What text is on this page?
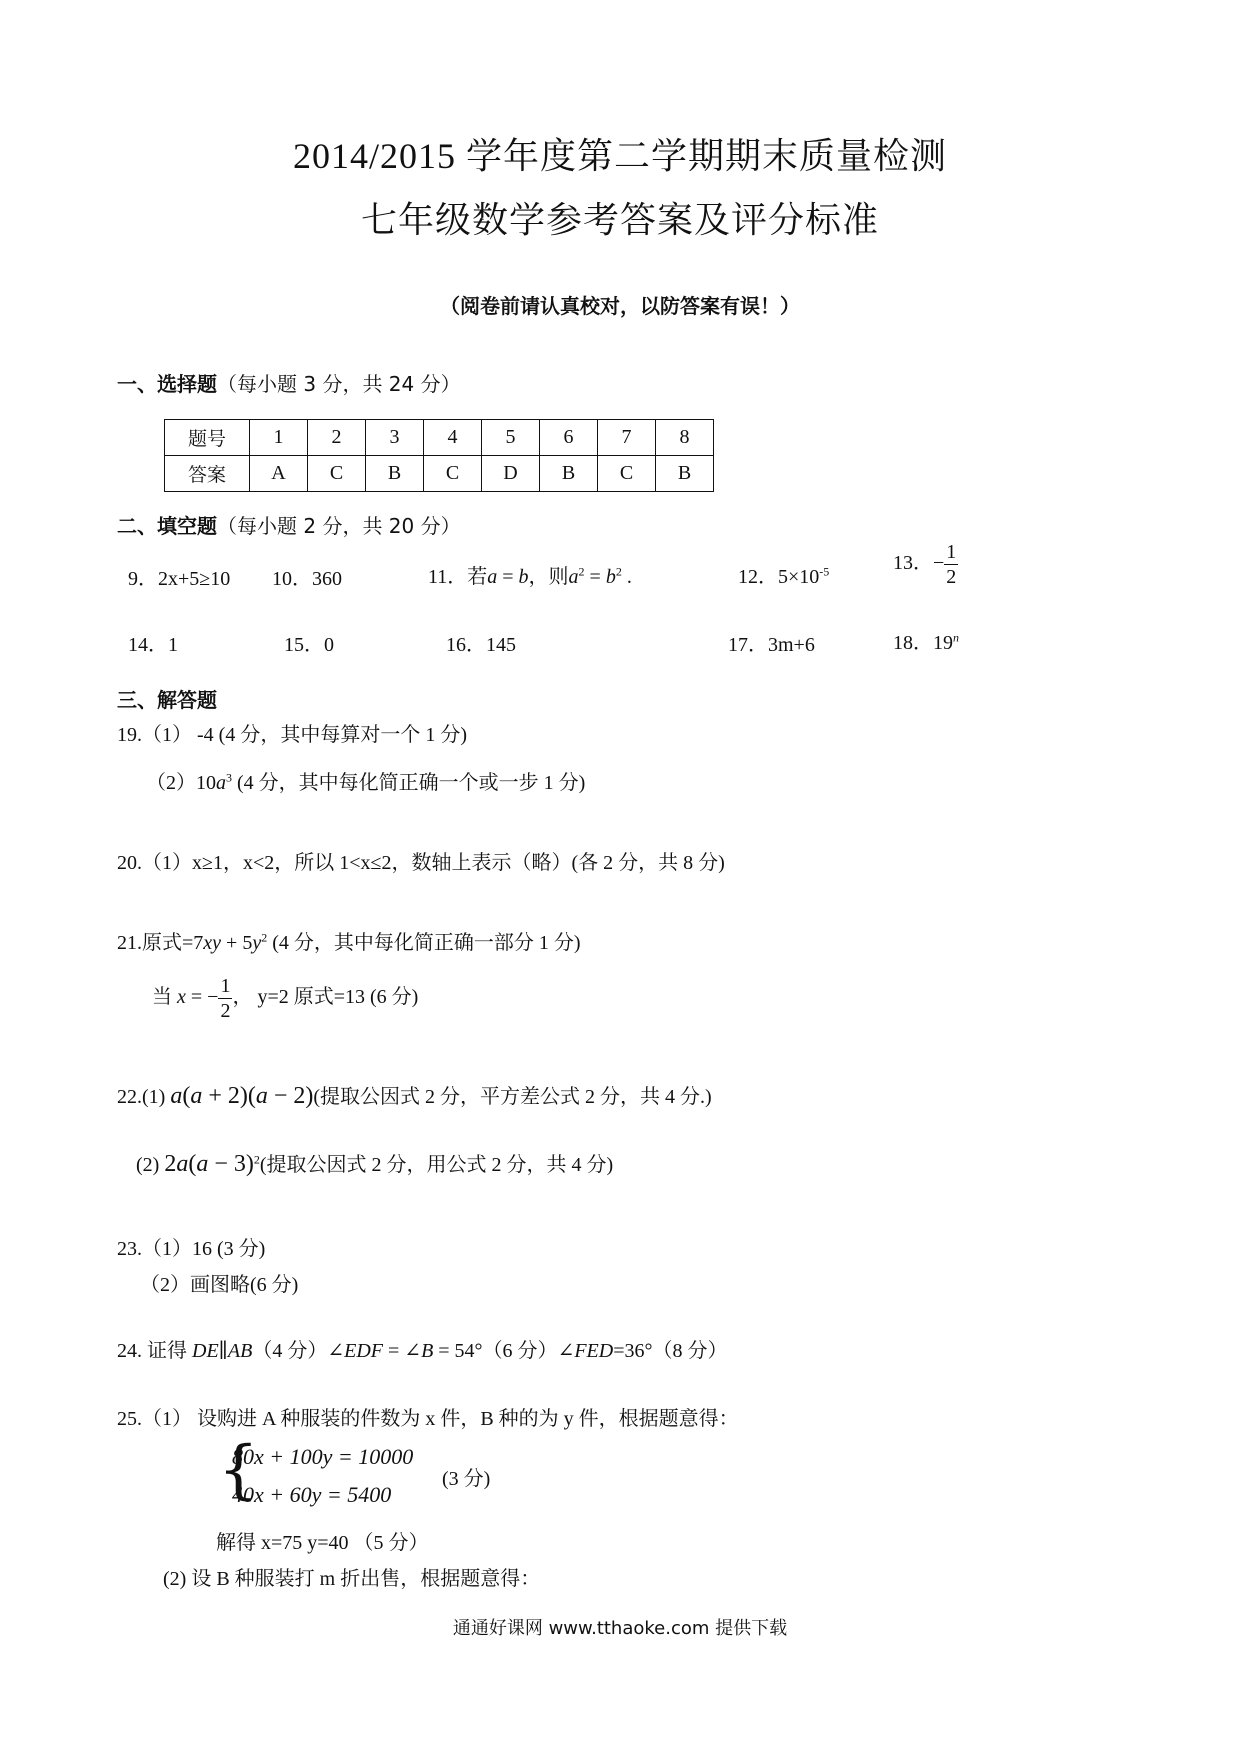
2014/2015 学年度第二学期期末质量检测
七年级数学参考答案及评分标准
（阅卷前请认真校对，以防答案有误！）
一、选择题（每小题 3 分，共 24 分）
题号	1	2	3	4	5	6	7	8
答案	A	C	B	C	D	B	C	B
二、填空题（每小题 2 分，共 20 分）
9．2x+5≥10 10．360	11．若a = b，则$a^2 = b^2$ .	12．$5\times 10^{-5}$	13．− $\frac{1}{2}$
14．1	15．0	16．145	17．3m+6	18．19$^n$
三、解答题
19.（1） -4 (4 分，其中每算对一个 1 分)
$(2)10a^3$ (4 分，其中每化简正确一个或一步 1 分)
20.（1）x≥1，x<2，所以 1<x≤2，数轴上表示（略）(各 2 分，共 8 分)
21.原式$=7xy + 5y^2$ (4 分，其中每化简正确一部分 1 分)
当 x = − $\frac{1}{2}$ ， y=2 原式=13 (6 分)
22.(1) a(a + 2)(a − 2)(提取公因式 2 分，平方差公式 2 分，共 4 分.)
(2) $2a(a - 3)^2$(提取公因式 2 分，用公式 2 分，共 4 分)
23.（1）16 (3 分)
（2）画图略(6 分)
24. 证得 DE∥AB（4 分）∠EDF = ∠B = 54°（6 分）∠FED=36°（8 分）
25.（1） 设购进 A 种服装的件数为 x 件，B 种的为 y 件，根据题意得：
{
80x + 100y = 10000
40x + 60y = 5400
(3 分)
解得 x=75 y=40 （5 分）
(2) 设 B 种服装打 m 折出售，根据题意得：
通通好课网 www.tthaoke.com 提供下载
